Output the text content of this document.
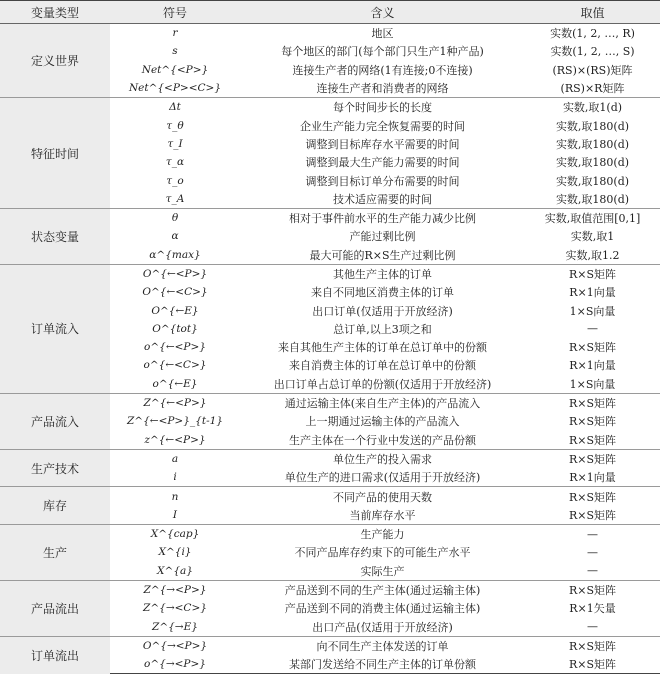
变量类型	符号	含义	取值
定义世界	r	地区	实数(1, 2, …, R)
	s	每个地区的部门(每个部门只生产1种产品)	实数(1, 2, …, S)
	Net^{<P>}	连接生产者的网络(1有连接;0不连接)	(RS)×(RS)矩阵
	Net^{<P><C>}	连接生产者和消费者的网络	(RS)×R矩阵
特征时间	Δt	每个时间步长的长度	实数,取1(d)
	τ_θ	企业生产能力完全恢复需要的时间	实数,取180(d)
	τ_I	调整到目标库存水平需要的时间	实数,取180(d)
	τ_α	调整到最大生产能力需要的时间	实数,取180(d)
	τ_o	调整到目标订单分布需要的时间	实数,取180(d)
	τ_A	技术适应需要的时间	实数,取180(d)
状态变量	θ	相对于事件前水平的生产能力减少比例	实数,取值范围[0,1]
	α	产能过剩比例	实数,取1
	α^{max}	最大可能的R×S生产过剩比例	实数,取1.2
订单流入	O^{←<P>}	其他生产主体的订单	R×S矩阵
	O^{←<C>}	来自不同地区消费主体的订单	R×1向量
	O^{←E}	出口订单(仅适用于开放经济)	1×S向量
	O^{tot}	总订单,以上3项之和	—
	o^{←<P>}	来自其他生产主体的订单在总订单中的份额	R×S矩阵
	o^{←<C>}	来自消费主体的订单在总订单中的份额	R×1向量
	o^{←E}	出口订单占总订单的份额(仅适用于开放经济)	1×S向量
产品流入	Z^{←<P>}	通过运输主体(来自生产主体)的产品流入	R×S矩阵
	Z^{←<P>}_{t-1}	上一期通过运输主体的产品流入	R×S矩阵
	z^{←<P>}	生产主体在一个行业中发送的产品份额	R×S矩阵
生产技术	a	单位生产的投入需求	R×S矩阵
	i	单位生产的进口需求(仅适用于开放经济)	R×1向量
库存	n	不同产品的使用天数	R×S矩阵
	I	当前库存水平	R×S矩阵
生产	X^{cap}	生产能力	—
	X^{i}	不同产品库存约束下的可能生产水平	—
	X^{a}	实际生产	—
产品流出	Z^{→<P>}	产品送到不同的生产主体(通过运输主体)	R×S矩阵
	Z^{→<C>}	产品送到不同的消费主体(通过运输主体)	R×1矢量
	Z^{→E}	出口产品(仅适用于开放经济)	—
订单流出	O^{→<P>}	向不同生产主体发送的订单	R×S矩阵
	o^{→<P>}	某部门发送给不同生产主体的订单份额	R×S矩阵
